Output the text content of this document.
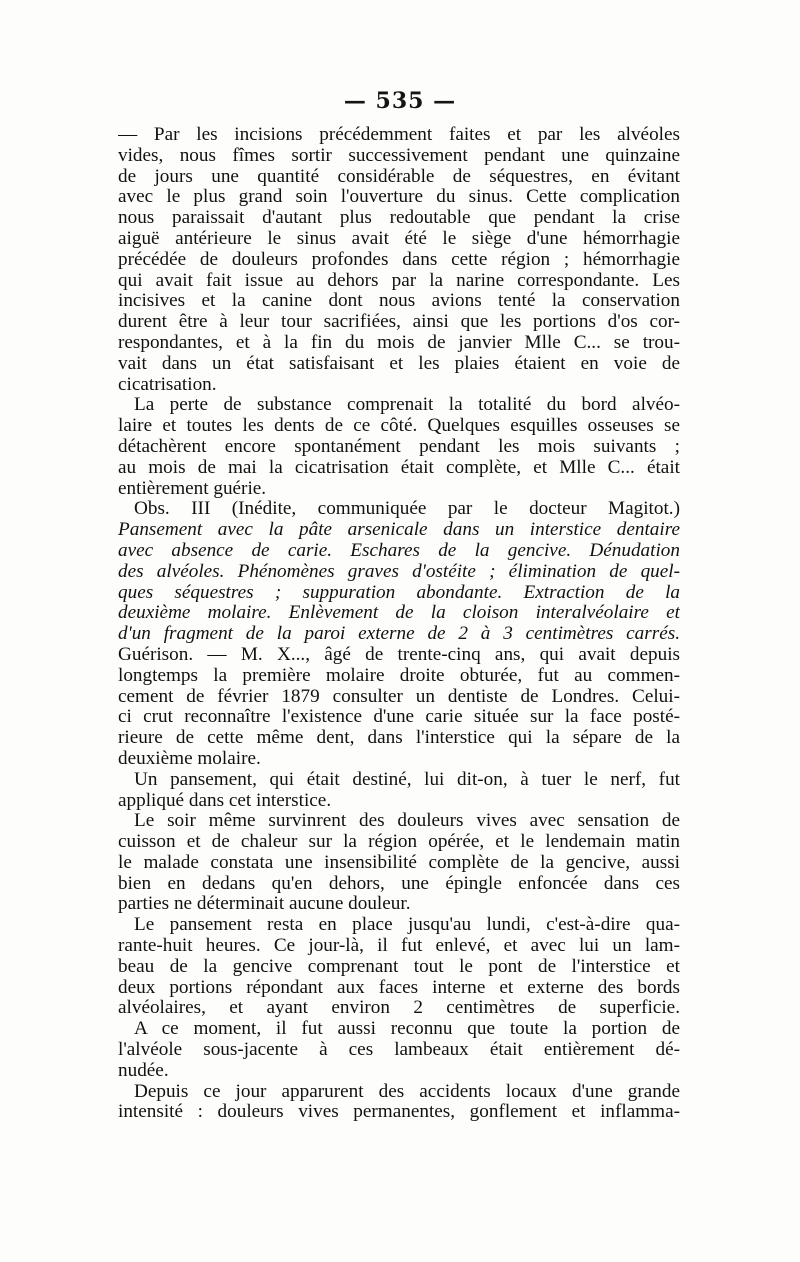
— 535 —
— Par les incisions précédemment faites et par les alvéoles
vides, nous fîmes sortir successivement pendant une quinzaine
de jours une quantité considérable de séquestres, en évitant
avec le plus grand soin l'ouverture du sinus. Cette complication
nous paraissait d'autant plus redoutable que pendant la crise
aiguë antérieure le sinus avait été le siège d'une hémorrhagie
précédée de douleurs profondes dans cette région ; hémorrhagie
qui avait fait issue au dehors par la narine correspondante. Les
incisives et la canine dont nous avions tenté la conservation
durent être à leur tour sacrifiées, ainsi que les portions d'os cor-
respondantes, et à la fin du mois de janvier Mlle C... se trou-
vait dans un état satisfaisant et les plaies étaient en voie de
cicatrisation.
La perte de substance comprenait la totalité du bord alvéo-
laire et toutes les dents de ce côté. Quelques esquilles osseuses se
détachèrent encore spontanément pendant les mois suivants ;
au mois de mai la cicatrisation était complète, et Mlle C... était
entièrement guérie.
Obs. III (Inédite, communiquée par le docteur Magitot.)
Pansement avec la pâte arsenicale dans un interstice dentaire
avec absence de carie. Eschares de la gencive. Dénudation
des alvéoles. Phénomènes graves d'ostéite ; élimination de quel-
ques séquestres ; suppuration abondante. Extraction de la
deuxième molaire. Enlèvement de la cloison interalvéolaire et
d'un fragment de la paroi externe de 2 à 3 centimètres carrés.
Guérison. — M. X..., âgé de trente-cinq ans, qui avait depuis
longtemps la première molaire droite obturée, fut au commen-
cement de février 1879 consulter un dentiste de Londres. Celui-
ci crut reconnaître l'existence d'une carie située sur la face posté-
rieure de cette même dent, dans l'interstice qui la sépare de la
deuxième molaire.
Un pansement, qui était destiné, lui dit-on, à tuer le nerf, fut
appliqué dans cet interstice.
Le soir même survinrent des douleurs vives avec sensation de
cuisson et de chaleur sur la région opérée, et le lendemain matin
le malade constata une insensibilité complète de la gencive, aussi
bien en dedans qu'en dehors, une épingle enfoncée dans ces
parties ne déterminait aucune douleur.
Le pansement resta en place jusqu'au lundi, c'est-à-dire qua-
rante-huit heures. Ce jour-là, il fut enlevé, et avec lui un lam-
beau de la gencive comprenant tout le pont de l'interstice et
deux portions répondant aux faces interne et externe des bords
alvéolaires, et ayant environ 2 centimètres de superficie.
A ce moment, il fut aussi reconnu que toute la portion de
l'alvéole sous-jacente à ces lambeaux était entièrement dé-
nudée.
Depuis ce jour apparurent des accidents locaux d'une grande
intensité : douleurs vives permanentes, gonflement et inflamma-
